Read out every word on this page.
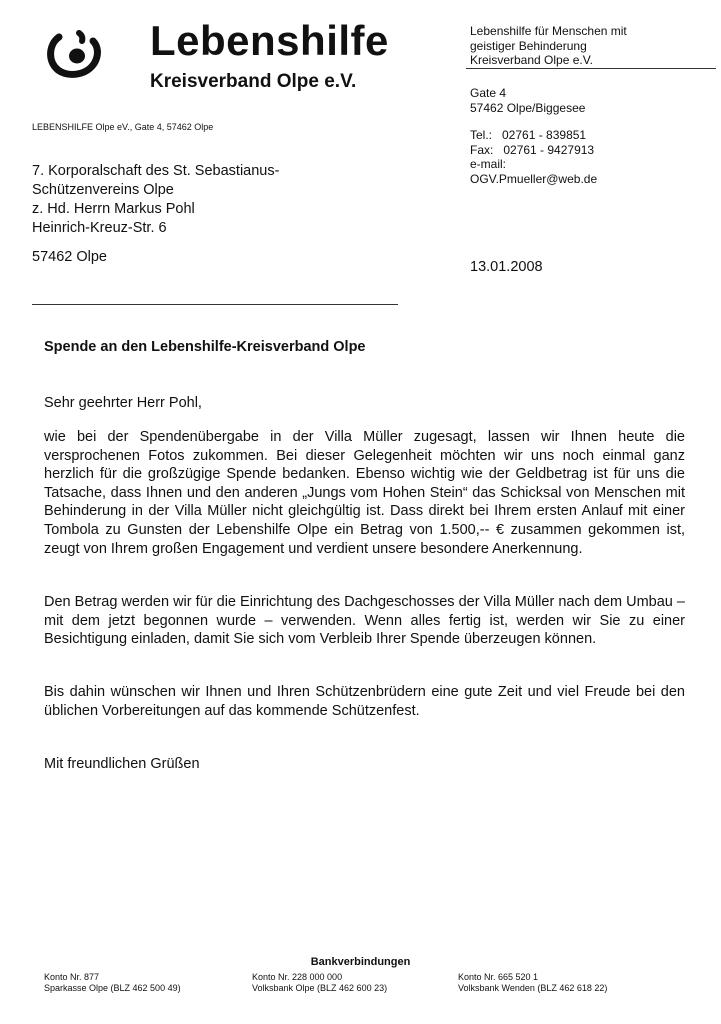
Lebenshilfe
Kreisverband Olpe e.V.
LEBENSHILFE Olpe eV., Gate 4, 57462 Olpe
7. Korporalschaft des St. Sebastianus-
Schützenvereins Olpe
z. Hd. Herrn Markus Pohl
Heinrich-Kreuz-Str. 6
57462 Olpe
Lebenshilfe für Menschen mit
geistiger Behinderung
Kreisverband Olpe e.V.
Gate 4
57462 Olpe/Biggesee
Tel.:   02761 - 839851
Fax:   02761 - 9427913
e-mail:
OGV.Pmueller@web.de
13.01.2008
Spende an den Lebenshilfe-Kreisverband Olpe
Sehr geehrter Herr Pohl,
wie bei der Spendenübergabe in der Villa Müller zugesagt, lassen wir Ihnen heute die versprochenen Fotos zukommen. Bei dieser Gelegenheit möchten wir uns noch einmal ganz herzlich für die großzügige Spende bedanken. Ebenso wichtig wie der Geldbetrag ist für uns die Tatsache, dass Ihnen und den anderen „Jungs vom Hohen Stein“ das Schicksal von Menschen mit Behinderung in der Villa Müller nicht gleichgültig ist. Dass direkt bei Ihrem ersten Anlauf mit einer Tombola zu Gunsten der Lebenshilfe Olpe ein Betrag von 1.500,-- € zusammen gekommen ist, zeugt von Ihrem großen Engagement und verdient unsere besondere Anerkennung.
Den Betrag werden wir für die Einrichtung des Dachgeschosses der Villa Müller nach dem Umbau – mit dem jetzt begonnen wurde – verwenden. Wenn alles fertig ist, werden wir Sie zu einer Besichtigung einladen, damit Sie sich vom Verbleib Ihrer Spende überzeugen können.
Bis dahin wünschen wir Ihnen und Ihren Schützenbrüdern eine gute Zeit und viel Freude bei den üblichen Vorbereitungen auf das kommende Schützenfest.
Mit freundlichen Grüßen
Bankverbindungen
Konto Nr. 877
Sparkasse Olpe (BLZ 462 500 49)
Konto Nr. 228 000 000
Volksbank Olpe (BLZ 462 600 23)
Konto Nr. 665 520 1
Volksbank Wenden (BLZ 462 618 22)
